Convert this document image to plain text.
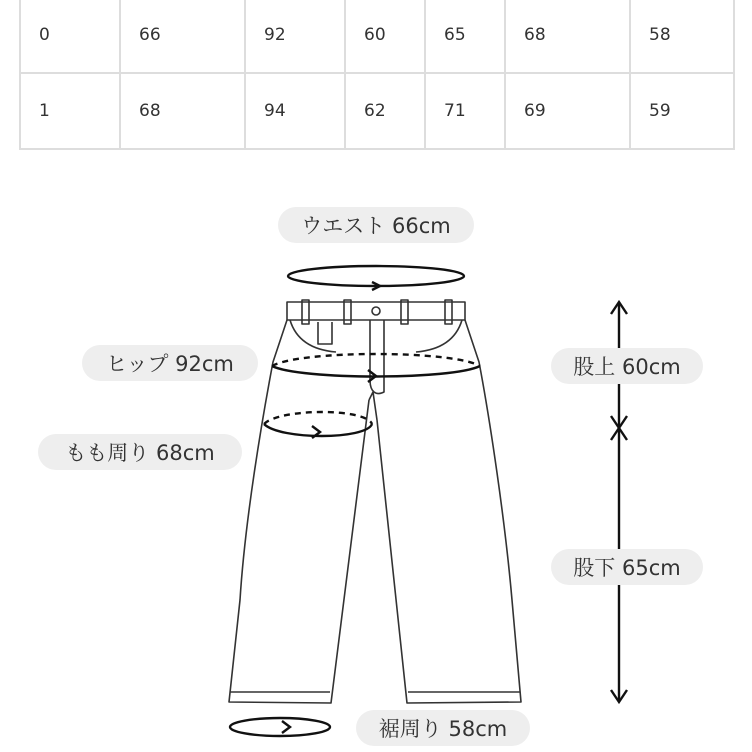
0	66	92	60	65	68	58
1	68	94	62	71	69	59
ウエスト 66cm
ヒップ 92cm
もも周り 68cm
股上 60cm
股下 65cm
裾周り 58cm
